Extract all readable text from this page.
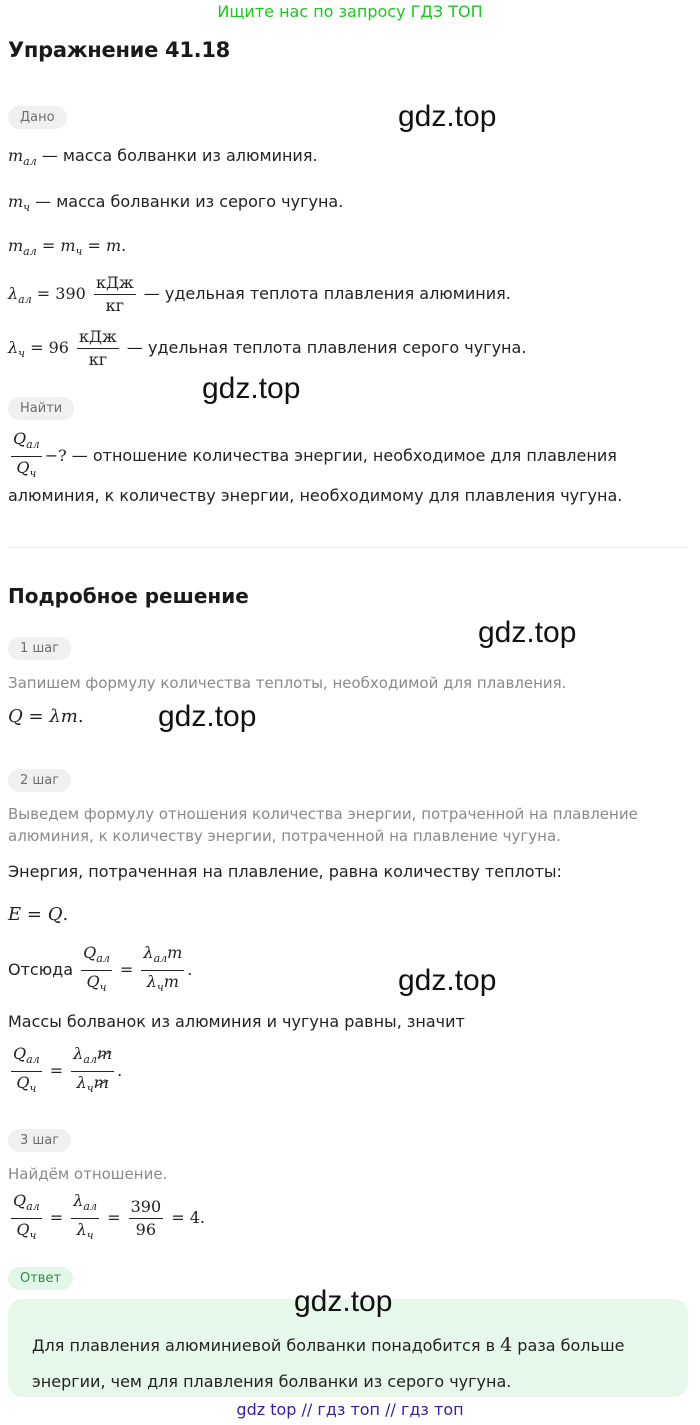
Ищите нас по запросу ГДЗ ТОП
Упражнение 41.18
gdz.top
gdz.top
gdz.top
gdz.top
gdz.top
Дано
$m_{ал}$ — масса болванки из алюминия.
$m_ч$ — масса болванки из серого чугуна.
$m_{ал} = m_ч = m$.
$\lambda_{ал} = 390 \frac{\text{кДж}}{кг}$ — удельная теплота плавления алюминия.
$\lambda_ч = 96 \frac{\text{кДж}}{кг}$ — удельная теплота плавления серого чугуна.
Найти
$\frac{Q_{ал}}{Q_ч}$ −? — отношение количества энергии, необходимое для плавления
алюминия, к количеству энергии, необходимому для плавления чугуна.
Подробное решение
1 шаг
Запишем формулу количества теплоты, необходимой для плавления.
Q = λm.
2 шаг
Выведем формулу отношения количества энергии, потраченной на плавление
алюминия, к количеству энергии, потраченной на плавление чугуна.
Энергия, потраченная на плавление, равна количеству теплоты:
E = Q.
Отсюда $\frac{Q_{ал}}{Q_ч} = \frac{\lambda_{ал}m}{\lambda_чm}$ .
Массы болванок из алюминия и чугуна равны, значит
$\frac{Q_{ал}}{Q_ч} = \frac{\lambda_{ал}m}{\lambda_чm}$ .
3 шаг
Найдём отношение.
$\frac{Q_{ал}}{Q_ч} = \frac{\lambda_{ал}}{\lambda_ч} = \frac{390}{96} = 4$.
Ответ
gdz.top
Для плавления алюминиевой болванки понадобится в 4 раза больше
энергии, чем для плавления болванки из серого чугуна.
gdz top // гдз топ // гдз топ
